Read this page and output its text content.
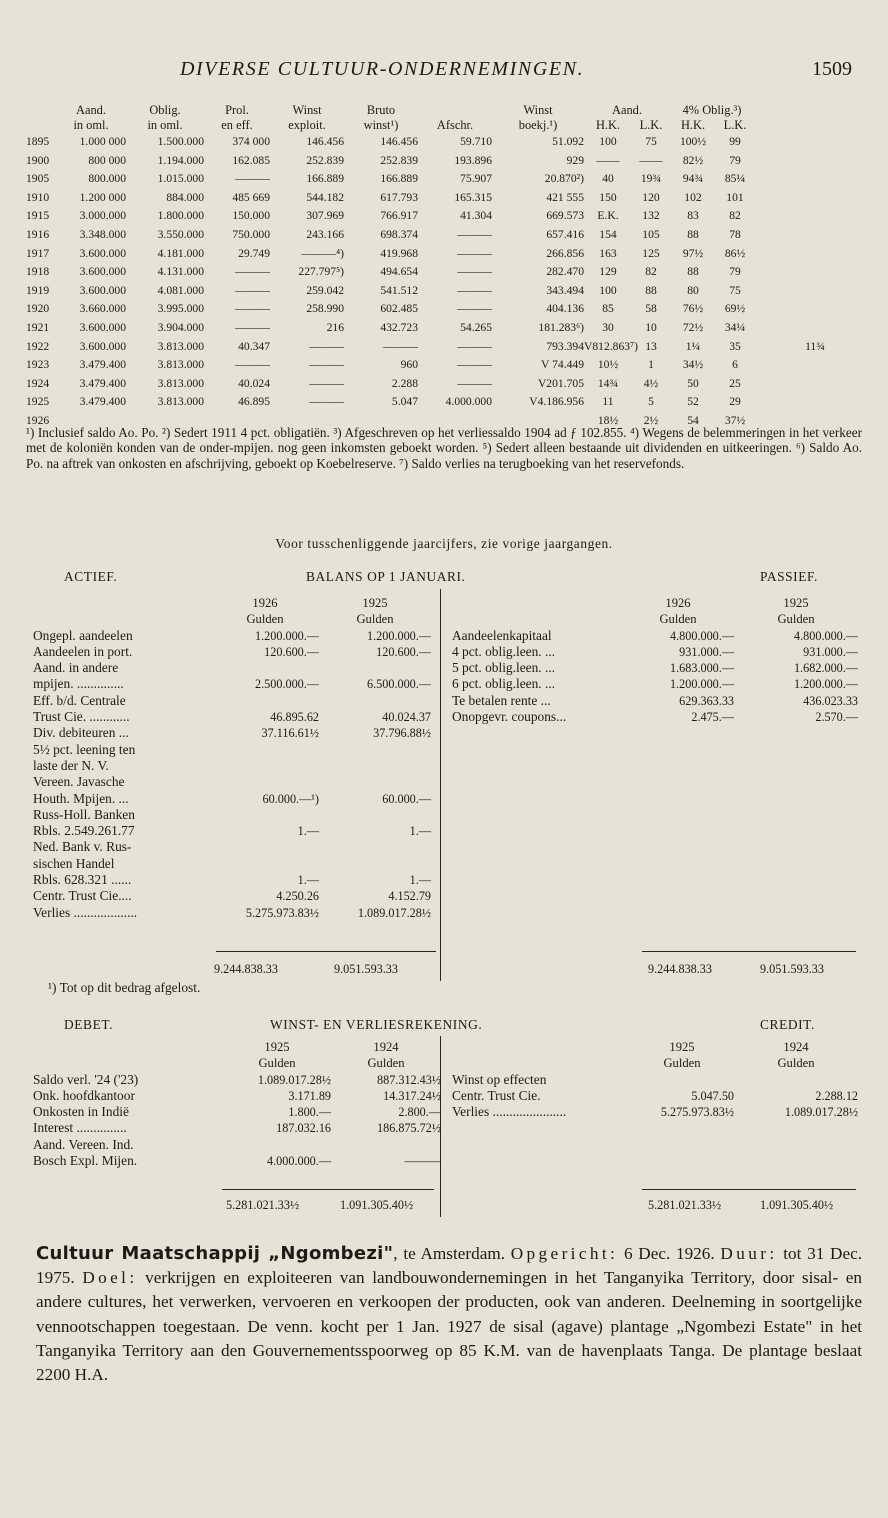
DIVERSE CULTUUR-ONDERNEMINGEN.	1509
	Aand.	Oblig.	Prol.	Winst	Bruto		Winst	Aand.		4% Oblig.³)		
	in oml.	in oml.	en eff.	exploit.	winst¹)	Afschr.	boekj.¹)	H.K.	L.K.	H.K.	L.K.	
1895	1.000 000	1.500.000	374 000	146.456	146.456	59.710	51.092	100	75	100½	99	
1900	800 000	1.194.000	162.085	252.839	252.839	193.896	929	——	——	82½	79	
1905	800.000	1.015.000	———	166.889	166.889	75.907	20.870²)	40	19¾	94¾	85¼	
1910	1.200 000	884.000	485 669	544.182	617.793	165.315	421 555	150	120	102	101	
1915	3.000.000	1.800.000	150.000	307.969	766.917	41.304	669.573	E.K.	132	83	82	
1916	3.348.000	3.550.000	750.000	243.166	698.374	———	657.416	154	105	88	78	
1917	3.600.000	4.181.000	29.749	———⁴)	419.968	———	266.856	163	125	97½	86½	
1918	3.600.000	4.131.000	———	227.797⁵)	494.654	———	282.470	129	82	88	79	
1919	3.600.000	4.081.000	———	259.042	541.512	———	343.494	100	88	80	75	
1920	3.660.000	3.995.000	———	258.990	602.485	———	404.136	85	58	76½	69½	
1921	3.600.000	3.904.000	———	216	432.723	54.265	181.283⁶)	30	10	72½	34¼	
1922	3.600.000	3.813.000	40.347	———	———	———	793.394	V812.863⁷)	13	1¼	35	11¾
1923	3.479.400	3.813.000	———	———	960	———	V 74.449	10½	1	34½	6	
1924	3.479.400	3.813.000	40.024	———	2.288	———	V201.705	14¾	4½	50	25	
1925	3.479.400	3.813.000	46.895	———	5.047	4.000.000	V4.186.956	11	5	52	29	
1926								18½	2½	54	37½	

¹) Inclusief saldo Ao. Po. ²) Sedert 1911 4 pct. obligatiën. ³) Afgeschreven op het verliessaldo 1904 ad ƒ 102.855. ⁴) Wegens de belemmeringen in het verkeer met de koloniën konden van de onder-mpijen. nog geen inkomsten geboekt worden. ⁵) Sedert alleen bestaande uit dividenden en uitkeeringen. ⁶) Saldo Ao. Po. na aftrek van onkosten en afschrijving, geboekt op Koebelreserve. ⁷) Saldo verlies na terugboeking van het reservefonds.

Voor tusschenliggende jaarcijfers, zie vorige jaargangen.
ACTIEF.	BALANS OP 1 JANUARI.	PASSIEF.
	1926	1925
	Gulden	Gulden
Ongepl. aandeelen	1.200.000.—	1.200.000.—
Aandeelen in port.	120.600.—	120.600.—
Aand. in andere		
mpijen. ..............	2.500.000.—	6.500.000.—
Eff. b/d. Centrale		
Trust Cie. ............	46.895.62	40.024.37
Div. debiteuren ...	37.116.61½	37.796.88½
5½ pct. leening ten		
laste der N. V.		
Vereen. Javasche		
Houth. Mpijen. ...	60.000.—¹)	60.000.—
Russ-Holl. Banken		
Rbls. 2.549.261.77	1.—	1.—
Ned. Bank v. Rus-		
sischen Handel		
Rbls. 628.321 ......	1.—	1.—
Centr. Trust Cie....	4.250.26	4.152.79
Verlies ...................	5.275.973.83½	1.089.017.28½
9.244.838.33	9.051.593.33
¹) Tot op dit bedrag afgelost.
	1926	1925
	Gulden	Gulden
Aandeelenkapitaal	4.800.000.—	4.800.000.—
4 pct. oblig.leen. ...	931.000.—	931.000.—
5 pct. oblig.leen. ...	1.683.000.—	1.682.000.—
6 pct. oblig.leen. ...	1.200.000.—	1.200.000.—
Te betalen rente ...	629.363.33	436.023.33
Onopgevr. coupons...	2.475.—	2.570.—
9.244.838.33	9.051.593.33
DEBET.	WINST- EN VERLIESREKENING.	CREDIT.
	1925	1924
	Gulden	Gulden
Saldo verl. '24 ('23)	1.089.017.28½	887.312.43½
Onk. hoofdkantoor	3.171.89	14.317.24½
Onkosten in Indië	1.800.—	2.800.—
Interest ...............	187.032.16	186.875.72½
Aand. Vereen. Ind.		
Bosch Expl. Mijen.	4.000.000.—	———
5.281.021.33½	1.091.305.40½
	1925	1924
	Gulden	Gulden
Winst op effecten		
Centr. Trust Cie.	5.047.50	2.288.12
Verlies ......................	5.275.973.83½	1.089.017.28½
5.281.021.33½	1.091.305.40½
Cultuur Maatschappij „Ngombezi", te Amsterdam. Opgericht: 6 Dec. 1926. Duur: tot 31 Dec. 1975. Doel: verkrijgen en exploiteeren van landbouwondernemingen in het Tanganyika Territory, door sisal- en andere cultures, het verwerken, vervoeren en verkoopen der producten, ook van anderen. Deelneming in soortgelijke vennootschappen toegestaan. De venn. kocht per 1 Jan. 1927 de sisal (agave) plantage „Ngombezi Estate" in het Tanganyika Territory aan den Gouvernementsspoorweg op 85 K.M. van de havenplaats Tanga. De plantage beslaat 2200 H.A.
